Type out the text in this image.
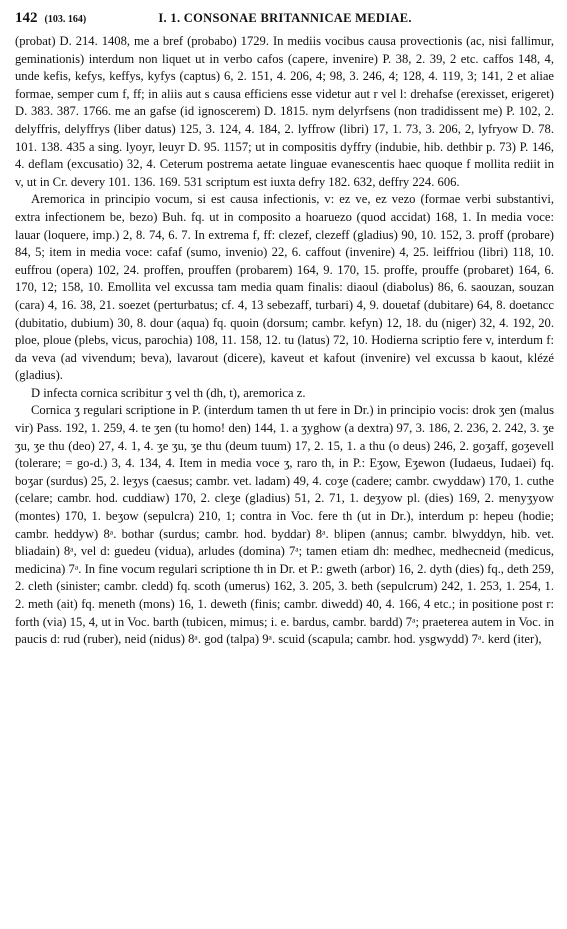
142 (103. 164)	I. 1. CONSONAE BRITANNICAE MEDIAE.

(probat) D. 214. 1408, me a bref (probabo) 1729. In mediis vocibus causa provectionis (ac, nisi fallimur, geminationis) interdum non liquet ut in verbo cafos (capere, invenire) P. 38, 2. 39, 2 etc. caffos 148, 4, unde kefis, kefys, keffys, kyfys (captus) 6, 2. 151, 4. 206, 4; 98, 3. 246, 4; 128, 4. 119, 3; 141, 2 et aliae formae, semper cum f, ff; in aliis aut s causa efficiens esse videtur aut r vel l: drehafse (erexisset, erigeret) D. 383. 387. 1766. me an gafse (id ignoscerem) D. 1815. nym delyrfsens (non tradidissent me) P. 102, 2. delyffris, delyffrys (liber datus) 125, 3. 124, 4. 184, 2. lyffrow (libri) 17, 1. 73, 3. 206, 2, lyfryow D. 78. 101. 138. 435 a sing. lyoyr, leuyr D. 95. 1157; ut in compositis dyffry (indubie, hib. dethbir p. 73) P. 146, 4. deflam (excusatio) 32, 4. Ceterum postrema aetate linguae evanescentis haec quoque f mollita rediit in v, ut in Cr. devery 101. 136. 169. 531 scriptum est iuxta defry 182. 632, deffry 224. 606.

Aremorica in principio vocum, si est causa infectionis, v: ez ve, ez vezo (formae verbi substantivi, extra infectionem be, bezo) Buh. fq. ut in composito a hoaruezo (quod accidat) 168, 1. In media voce: lauar (loquere, imp.) 2, 8. 74, 6. 7. In extrema f, ff: clezef, clezeff (gladius) 90, 10. 152, 3. proff (probare) 84, 5; item in media voce: cafaf (sumo, invenio) 22, 6. caffout (invenire) 4, 25. leiffriou (libri) 118, 10. euffrou (opera) 102, 24. proffen, prouffen (probarem) 164, 9. 170, 15. proffe, prouffe (probaret) 164, 6. 170, 12; 158, 10. Emollita vel excussa tam media quam finalis: diaoul (diabolus) 86, 6. saouzan, souzan (cara) 4, 16. 38, 21. soezet (perturbatus; cf. 4, 13 sebezaff, turbari) 4, 9. douetaf (dubitare) 64, 8. doetancc (dubitatio, dubium) 30, 8. dour (aqua) fq. quoin (dorsum; cambr. kefyn) 12, 18. du (niger) 32, 4. 192, 20. ploe, ploue (plebs, vicus, parochia) 108, 11. 158, 12. tu (latus) 72, 10. Hodierna scriptio fere v, interdum f: da veva (ad vivendum; beva), lavarout (dicere), kaveut et kafout (invenire) vel excussa b kaout, klézé (gladius).

D infecta cornica scribitur ʒ vel th (dh, t), aremorica z.

Cornica ʒ regulari scriptione in P. (interdum tamen th ut fere in Dr.) in principio vocis: drok ʒen (malus vir) Pass. 192, 1. 259, 4. te ʒen (tu homo! den) 144, 1. a ʒyghow (a dextra) 97, 3. 186, 2. 236, 2. 242, 3. ʒe ʒu, ʒe thu (deo) 27, 4. 1, 4. ʒe ʒu, ʒe thu (deum tuum) 17, 2. 15, 1. a thu (o deus) 246, 2. goʒaff, goʒevell (tolerare; = go-d.) 3, 4. 134, 4. Item in media voce ʒ, raro th, in P.: Eʒow, Eʒewon (Iudaeus, Iudaei) fq. boʒar (surdus) 25, 2. leʒys (caesus; cambr. vet. ladam) 49, 4. coʒe (cadere; cambr. cwyddaw) 170, 1. cuthe (celare; cambr. hod. cuddiaw) 170, 2. cleʒe (gladius) 51, 2. 71, 1. deʒyow pl. (dies) 169, 2. menyʒyow (montes) 170, 1. beʒow (sepulcra) 210, 1; contra in Voc. fere th (ut in Dr.), interdum p: hepeu (hodie; cambr. heddyw) 8ᵃ. bothar (surdus; cambr. hod. byddar) 8ᵃ. blipen (annus; cambr. blwyddyn, hib. vet. bliadain) 8ᵃ, vel d: guedeu (vidua), arludes (domina) 7ᵃ; tamen etiam dh: medhec, medhecneid (medicus, medicina) 7ᵃ. In fine vocum regulari scriptione th in Dr. et P.: gweth (arbor) 16, 2. dyth (dies) fq., deth 259, 2. cleth (sinister; cambr. cledd) fq. scoth (umerus) 162, 3. 205, 3. beth (sepulcrum) 242, 1. 253, 1. 254, 1. 2. meth (ait) fq. meneth (mons) 16, 1. deweth (finis; cambr. diwedd) 40, 4. 166, 4 etc.; in positione post r: forth (via) 15, 4, ut in Voc. barth (tubicen, mimus; i. e. bardus, cambr. bardd) 7ᵃ; praeterea autem in Voc. in paucis d: rud (ruber), neid (nidus) 8ᵃ. god (talpa) 9ᵃ. scuid (scapula; cambr. hod. ysgwydd) 7ᵃ. kerd (iter),
